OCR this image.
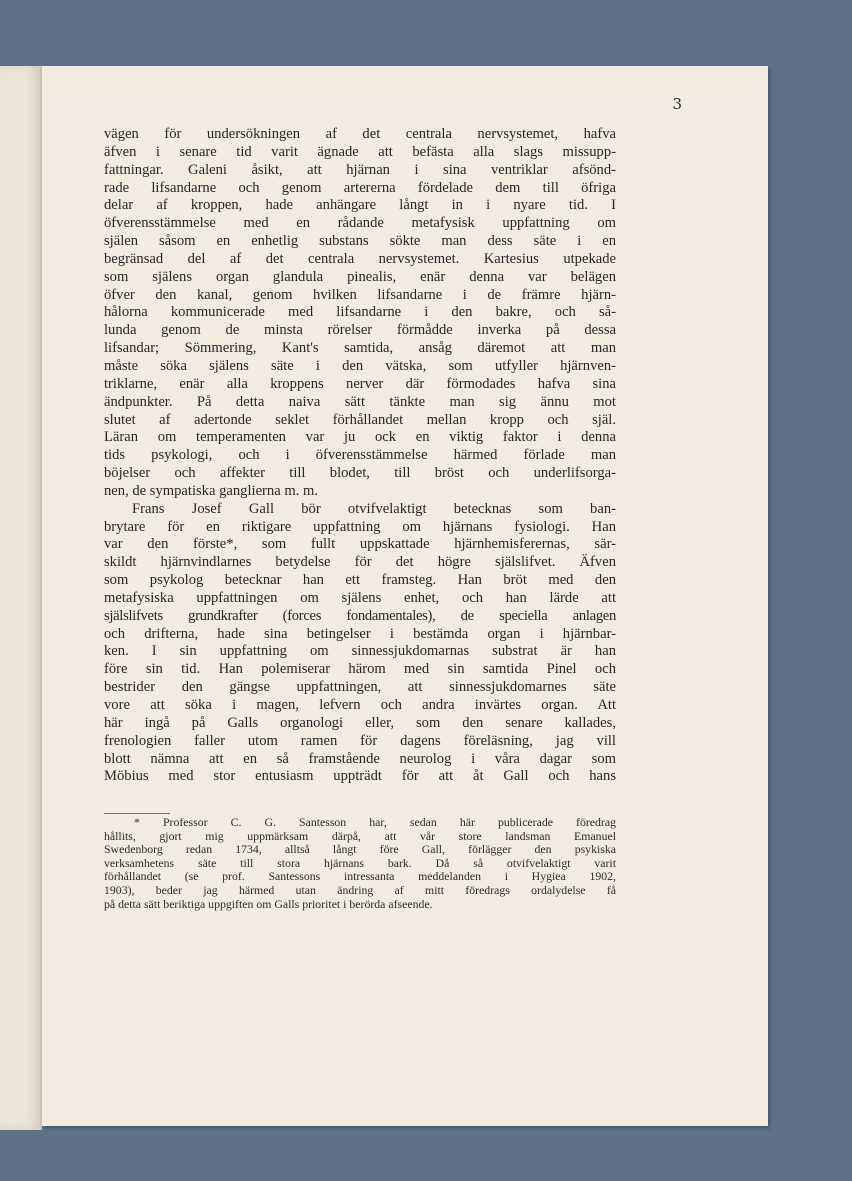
3
vägen för undersökningen af det centrala nervsystemet, hafva
äfven i senare tid varit ägnade att befästa alla slags missupp-
fattningar. Galeni åsikt, att hjärnan i sina ventriklar afsönd-
rade lifsandarne och genom artererna fördelade dem till öfriga
delar af kroppen, hade anhängare långt in i nyare tid. I
öfverensstämmelse med en rådande metafysisk uppfattning om
själen såsom en enhetlig substans sökte man dess säte i en
begränsad del af det centrala nervsystemet. Kartesius utpekade
som själens organ glandula pinealis, enär denna var belägen
öfver den kanal, genom hvilken lifsandarne i de främre hjärn-
hålorna kommunicerade med lifsandarne i den bakre, och så-
lunda genom de minsta rörelser förmådde inverka på dessa
lifsandar; Sömmering, Kant's samtida, ansåg däremot att man
måste söka själens säte i den vätska, som utfyller hjärnven-
triklarne, enär alla kroppens nerver där förmodades hafva sina
ändpunkter. På detta naiva sätt tänkte man sig ännu mot
slutet af adertonde seklet förhållandet mellan kropp och själ.
Läran om temperamenten var ju ock en viktig faktor i denna
tids psykologi, och i öfverensstämmelse härmed förlade man
böjelser och affekter till blodet, till bröst och underlifsorga-
nen, de sympatiska ganglierna m. m.
Frans Josef Gall bör otvifvelaktigt betecknas som ban-
brytare för en riktigare uppfattning om hjärnans fysiologi. Han
var den förste*, som fullt uppskattade hjärnhemisferernas, sär-
skildt hjärnvindlarnes betydelse för det högre själslifvet. Äfven
som psykolog betecknar han ett framsteg. Han bröt med den
metafysiska uppfattningen om själens enhet, och han lärde att
själslifvets grundkrafter (forces fondamentales), de speciella anlagen
och drifterna, hade sina betingelser i bestämda organ i hjärnbar-
ken. I sin uppfattning om sinnessjukdomarnas substrat är han
före sin tid. Han polemiserar härom med sin samtida Pinel och
bestrider den gängse uppfattningen, att sinnessjukdomarnes säte
vore att söka i magen, lefvern och andra invärtes organ. Att
här ingå på Galls organologi eller, som den senare kallades,
frenologien faller utom ramen för dagens föreläsning, jag vill
blott nämna att en så framstående neurolog i våra dagar som
Möbius med stor entusiasm uppträdt för att åt Gall och hans
* Professor C. G. Santesson har, sedan här publicerade föredrag
hållits, gjort mig uppmärksam därpå, att vår store landsman Emanuel
Swedenborg redan 1734, alltså långt före Gall, förlägger den psykiska
verksamhetens säte till stora hjärnans bark. Då så otvifvelaktigt varit
förhållandet (se prof. Santessons intressanta meddelanden i Hygiea 1902,
1903), beder jag härmed utan ändring af mitt föredrags ordalydelse få
på detta sätt beriktiga uppgiften om Galls prioritet i berörda afseende.
